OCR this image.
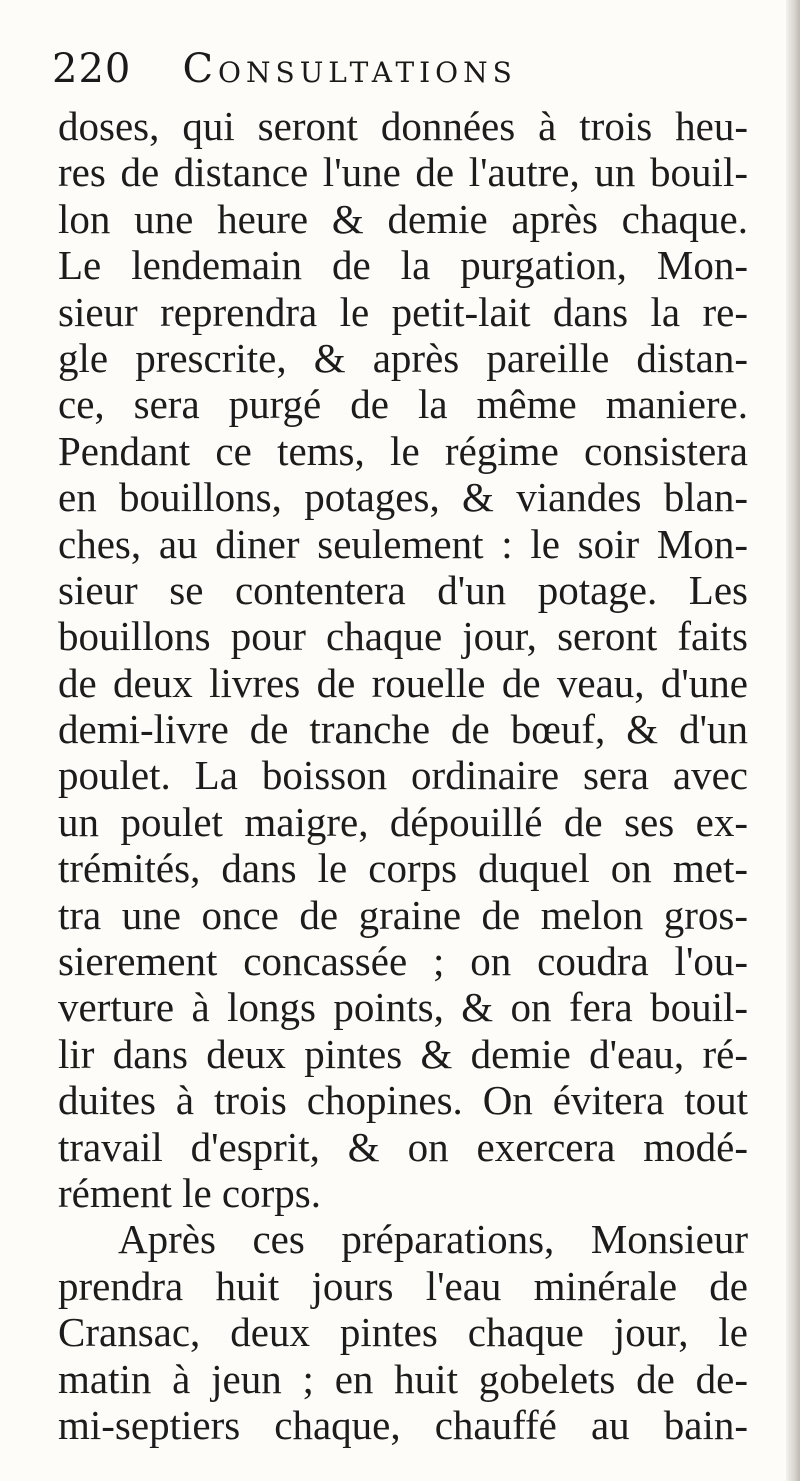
220 Consultations
doses, qui seront données à trois heu-
res de distance l'une de l'autre, un bouil-
lon une heure & demie après chaque.
Le lendemain de la purgation, Mon-
sieur reprendra le petit-lait dans la re-
gle prescrite, & après pareille distan-
ce, sera purgé de la même maniere.
Pendant ce tems, le régime consistera
en bouillons, potages, & viandes blan-
ches, au diner seulement : le soir Mon-
sieur se contentera d'un potage. Les
bouillons pour chaque jour, seront faits
de deux livres de rouelle de veau, d'une
demi-livre de tranche de bœuf, & d'un
poulet. La boisson ordinaire sera avec
un poulet maigre, dépouillé de ses ex-
trémités, dans le corps duquel on met-
tra une once de graine de melon gros-
sierement concassée ; on coudra l'ou-
verture à longs points, & on fera bouil-
lir dans deux pintes & demie d'eau, ré-
duites à trois chopines. On évitera tout
travail d'esprit, & on exercera modé-
rément le corps.
Après ces préparations, Monsieur
prendra huit jours l'eau minérale de
Cransac, deux pintes chaque jour, le
matin à jeun ; en huit gobelets de de-
mi-septiers chaque, chauffé au bain-
